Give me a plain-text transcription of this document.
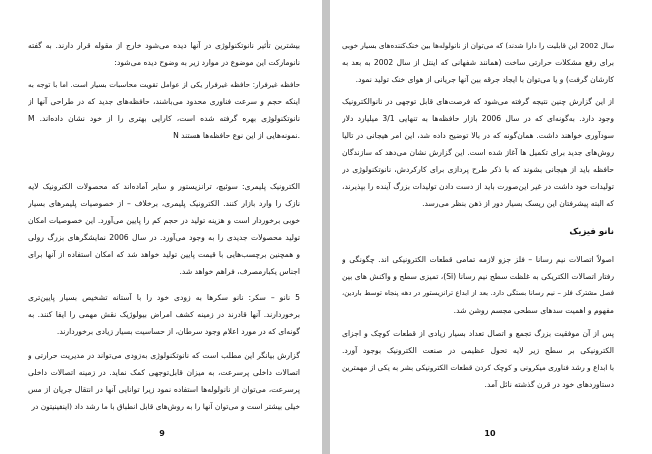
بیشترین تأثیر نانوتکنولوژی در آنها دیده می‌شود خارج از مقوله قرار دارند. به گفته
نانومارکت این موضوع در موارد زیر به وضوح دیده می‌شود:
حافظه غیرفرار: حافظه غیرفرار یکی از عوامل تقویت محاسبات بسیار است. اما با توجه به
اینکه حجم و سرعت فناوری محدود می‌باشند، حافظه‌های جدید که در طراحی آنها از
نانوتکنولوژی بهره گرفته شده است، کارایی بهتری را از خود نشان داده‌اند. M
N نمونه‌هایی از این نوع حافظه‌ها هستند.
الکترونیک پلیمری: سوئیچ، ترانزیستور و سایر آماده‌اند که محصولات الکترونیک لایه
نازک را وارد بازار کنند. الکترونیک پلیمری، برخلاف – از خصوصیات پلیمرهای بسیار
خوبی برخوردار است و هزینه تولید در حجم کم را پایین می‌آورد. این خصوصیات امکان
تولید محصولات جدیدی را به وجود می‌آورد. در سال 2006 نمایشگرهای بزرگ رولی
و همچنین برچسب‌هایی با قیمت پایین تولید خواهد شد که امکان استفاده از آنها برای
اجناس یکبارمصرف، فراهم خواهد شد.
5 نانو – سکر: نانو سکرها به زودی خود را با آستانه تشخیص بسیار پایین‌تری
برخوردارند. آنها قادرند در زمینه کشف امراض بیولوژیک نقش مهمی را ایفا کنند. به
گونه‌ای که در مورد اعلام وجود سرطان، از حساسیت بسیار زیادی برخوردارند.
گزارش بیانگر این مطلب است که نانوتکنولوژی به‌زودی می‌تواند در مدیریت حرارتی و
اتصالات داخلی پرسرعت، به میزان قابل‌توجهی کمک نماید. در زمینه اتصالات داخلی
پرسرعت، می‌توان از نانولوله‌ها استفاده نمود زیرا توانایی آنها در انتقال جریان از مس
خیلی بیشتر است و می‌توان آنها را به روش‌های قابل انطباق با ما رشد داد (اینفینیتون در
9
سال 2002 این قابلیت را دارا شدند) که می‌توان از نانولوله‌ها بین خنک‌کننده‌های بسیار خوبی
برای رفع مشکلات حرارتی ساخت (همانند شفهانی که اینتل از سال 2002 به بعد به
کارشان گرفت) و یا می‌توان با ایجاد جرقه بین آنها جریانی از هوای خنک تولید نمود.
از این گزارش چنین نتیجه گرفته می‌شود که فرصت‌های قابل توجهی در نانوالکترونیک
وجود دارد. به‌گونه‌ای که در سال 2006 بازار حافظه‌ها به تنهایی 3/1 میلیارد دلار
سودآوری خواهند داشت. همان‌گونه که در بالا توضیح داده شد، این امر هیجانی در تالیا
روش‌های جدید برای تکمیل ها آغاز شده است. این گزارش نشان می‌دهد که سازندگان
حافظه باید از هیجانی بشوند که با ذکر طرح پردازی برای کارکردش، نانوتکنولوژی در
تولیدات خود داشت در غیر این‌صورت باید از دست دادن تولیدات بزرگ آینده را بپذیرند،
که البته پیشرفتان این ریسک بسیار دور از ذهن بنظر می‌رسد.
نانو فیزیک
اصولاً اتصالات نیم رسانا – فلز جزو لازمه تمامی قطعات الکترونیکی اند. چگونگی و
رفتار اتصالات الکتریکی به غلظت سطح نیم رسانا (Si)، تمیزی سطح و واکنش های بین
فصل مشترک فلز – نیم رسانا بستگی دارد. بعد از ابداع ترانزیستور در دهه پنجاه توسط باردین،
مفهوم و اهمیت سدهای سطحی مجسم روشن شد.
پس از آن موفقیت بزرگ تجمع و اتصال تعداد بسیار زیادی از قطعات کوچک و اجزای
الکترونیکی بر سطح زیر لایه تحول عظیمی در صنعت الکترونیک بوجود آورد.
با ابداع و رشد فناوری میکرونی و کوچک کردن قطعات الکترونیکی بشر به یکی از مهمترین
دستاوردهای خود در قرن گذشته نائل آمد.
10
